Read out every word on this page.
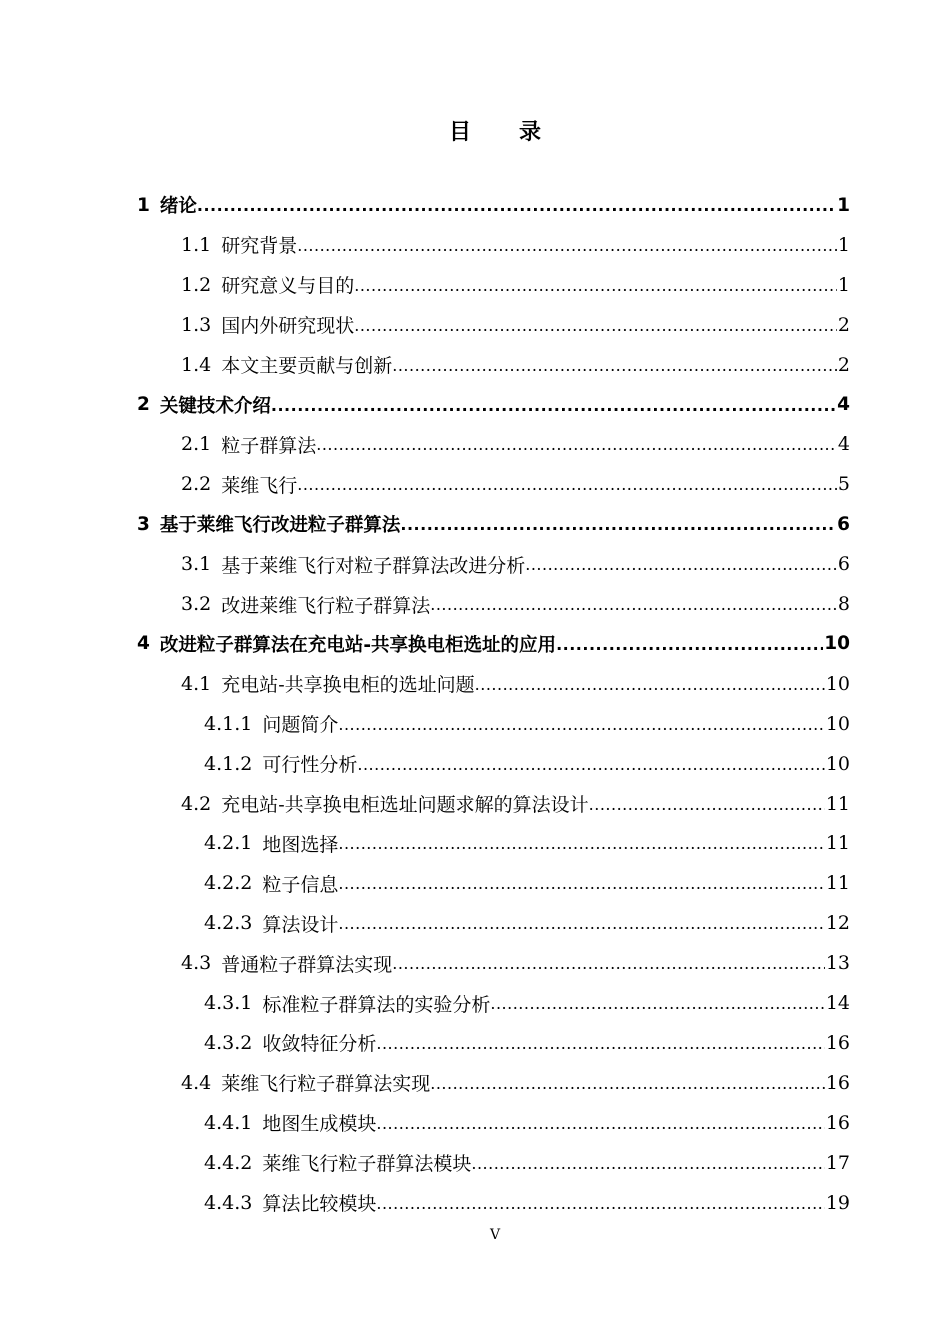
目 录
1 绪论 .....	1
1.1 研究背景 .....	1
1.2 研究意义与目的 .....	1
1.3 国内外研究现状 .....	2
1.4 本文主要贡献与创新 .....	2
2 关键技术介绍 .....	4
2.1 粒子群算法 .....	4
2.2 莱维飞行 .....	5
3 基于莱维飞行改进粒子群算法 .....	6
3.1 基于莱维飞行对粒子群算法改进分析 .....	6
3.2 改进莱维飞行粒子群算法 .....	8
4 改进粒子群算法在充电站-共享换电柜选址的应用 .....	10
4.1 充电站-共享换电柜的选址问题 .....	10
4.1.1 问题简介 .....	10
4.1.2 可行性分析 .....	10
4.2 充电站-共享换电柜选址问题求解的算法设计 .....	11
4.2.1 地图选择 .....	11
4.2.2 粒子信息 .....	11
4.2.3 算法设计 .....	12
4.3 普通粒子群算法实现 .....	13
4.3.1 标准粒子群算法的实验分析 .....	14
4.3.2 收敛特征分析 .....	16
4.4 莱维飞行粒子群算法实现 .....	16
4.4.1 地图生成模块 .....	16
4.4.2 莱维飞行粒子群算法模块 .....	17
4.4.3 算法比较模块 .....	19
V
